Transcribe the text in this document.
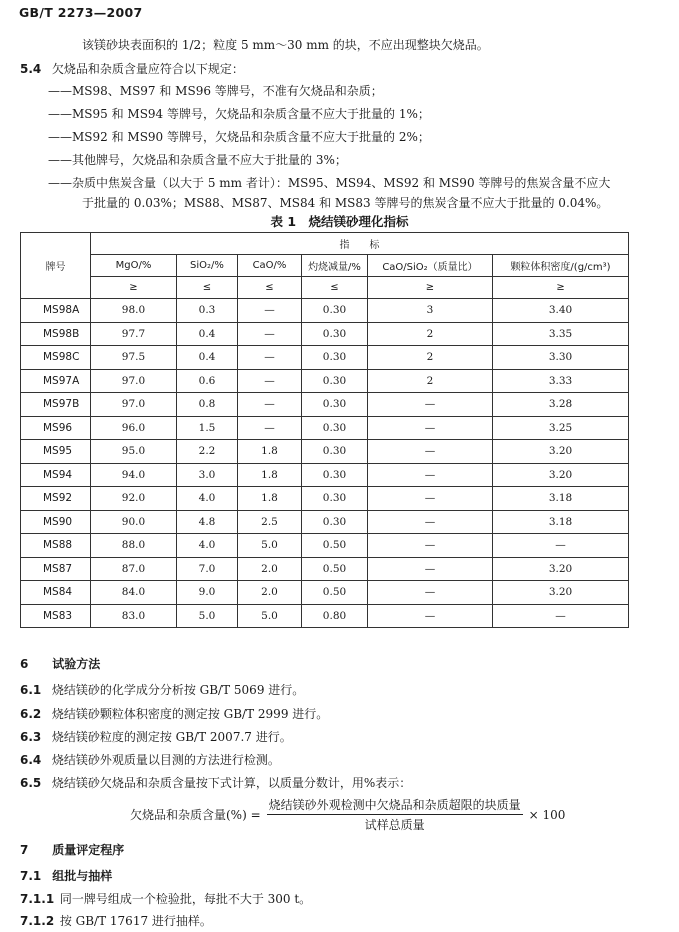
GB/T 2273—2007
该镁砂块表面积的 1/2；粒度 5 mm～30 mm 的块，不应出现整块欠烧品。
5.4 欠烧品和杂质含量应符合以下规定：
——MS98、MS97 和 MS96 等牌号，不准有欠烧品和杂质；
——MS95 和 MS94 等牌号，欠烧品和杂质含量不应大于批量的 1%；
——MS92 和 MS90 等牌号，欠烧品和杂质含量不应大于批量的 2%；
——其他牌号，欠烧品和杂质含量不应大于批量的 3%；
——杂质中焦炭含量（以大于 5 mm 者计）：MS95、MS94、MS92 和 MS90 等牌号的焦炭含量不应大
于批量的 0.03%；MS88、MS87、MS84 和 MS83 等牌号的焦炭含量不应大于批量的 0.04%。
表 1　烧结镁砂理化指标
牌号	指　　标					
	MgO/%	SiO₂/%	CaO/%	灼烧减量/%	CaO/SiO₂（质量比）	颗粒体积密度/(g/cm³)
	≥	≤	≤	≤	≥	≥
MS98A	98.0	0.3	—	0.30	3	3.40
MS98B	97.7	0.4	—	0.30	2	3.35
MS98C	97.5	0.4	—	0.30	2	3.30
MS97A	97.0	0.6	—	0.30	2	3.33
MS97B	97.0	0.8	—	0.30	—	3.28
MS96	96.0	1.5	—	0.30	—	3.25
MS95	95.0	2.2	1.8	0.30	—	3.20
MS94	94.0	3.0	1.8	0.30	—	3.20
MS92	92.0	4.0	1.8	0.30	—	3.18
MS90	90.0	4.8	2.5	0.30	—	3.18
MS88	88.0	4.0	5.0	0.50	—	—
MS87	87.0	7.0	2.0	0.50	—	3.20
MS84	84.0	9.0	2.0	0.50	—	3.20
MS83	83.0	5.0	5.0	0.80	—	—
6 试验方法
6.1 烧结镁砂的化学成分分析按 GB/T 5069 进行。
6.2 烧结镁砂颗粒体积密度的测定按 GB/T 2999 进行。
6.3 烧结镁砂粒度的测定按 GB/T 2007.7 进行。
6.4 烧结镁砂外观质量以目测的方法进行检测。
6.5 烧结镁砂欠烧品和杂质含量按下式计算，以质量分数计，用%表示：
欠烧品和杂质含量(%) = $\frac{\text{烧结镁砂外观检测中欠烧品和杂质超限的块质量}}{\text{试样总质量}} \times 100$
7 质量评定程序
7.1 组批与抽样
7.1.1 同一牌号组成一个检验批，每批不大于 300 t。
7.1.2 按 GB/T 17617 进行抽样。
